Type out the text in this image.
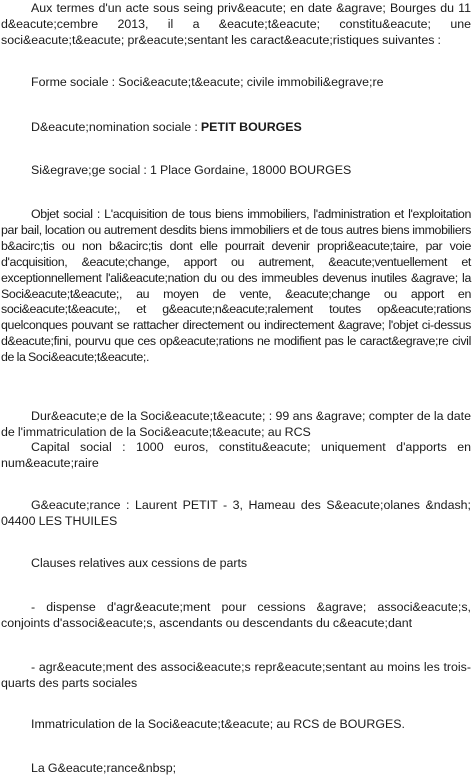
Aux termes d'un acte sous seing priv&eacute; en date &agrave; Bourges du 11 d&eacute;cembre 2013, il a &eacute;t&eacute; constitu&eacute; une soci&eacute;t&eacute; pr&eacute;sentant les caract&eacute;ristiques suivantes :

Forme sociale : Soci&eacute;t&eacute; civile immobili&egrave;re

D&eacute;nomination sociale : PETIT BOURGES

Si&egrave;ge social : 1 Place Gordaine, 18000 BOURGES

Objet social : L'acquisition de tous biens immobiliers, l'administration et l'exploitation par bail, location ou autrement desdits biens immobiliers et de tous autres biens immobiliers b&acirc;tis ou non b&acirc;tis dont elle pourrait devenir propri&eacute;taire, par voie d'acquisition, &eacute;change, apport ou autrement, &eacute;ventuellement et exceptionnellement l'ali&eacute;nation du ou des immeubles devenus inutiles &agrave; la Soci&eacute;t&eacute;, au moyen de vente, &eacute;change ou apport en soci&eacute;t&eacute;, et g&eacute;n&eacute;ralement toutes op&eacute;rations quelconques pouvant se rattacher directement ou indirectement &agrave; l'objet ci-dessus d&eacute;fini, pourvu que ces op&eacute;rations ne modifient pas le caract&egrave;re civil de la Soci&eacute;t&eacute;.

Dur&eacute;e de la Soci&eacute;t&eacute; : 99 ans &agrave; compter de la date de l'immatriculation de la Soci&eacute;t&eacute; au RCS

Capital social : 1000 euros, constitu&eacute; uniquement d'apports en num&eacute;raire

G&eacute;rance : Laurent PETIT - 3, Hameau des S&eacute;olanes &ndash; 04400 LES THUILES

Clauses relatives aux cessions de parts

- dispense d'agr&eacute;ment pour cessions &agrave; associ&eacute;s, conjoints d'associ&eacute;s, ascendants ou descendants du c&eacute;dant

- agr&eacute;ment des associ&eacute;s repr&eacute;sentant au moins les trois-quarts des parts sociales

Immatriculation de la Soci&eacute;t&eacute; au RCS de BOURGES.

La G&eacute;rance&nbsp;
